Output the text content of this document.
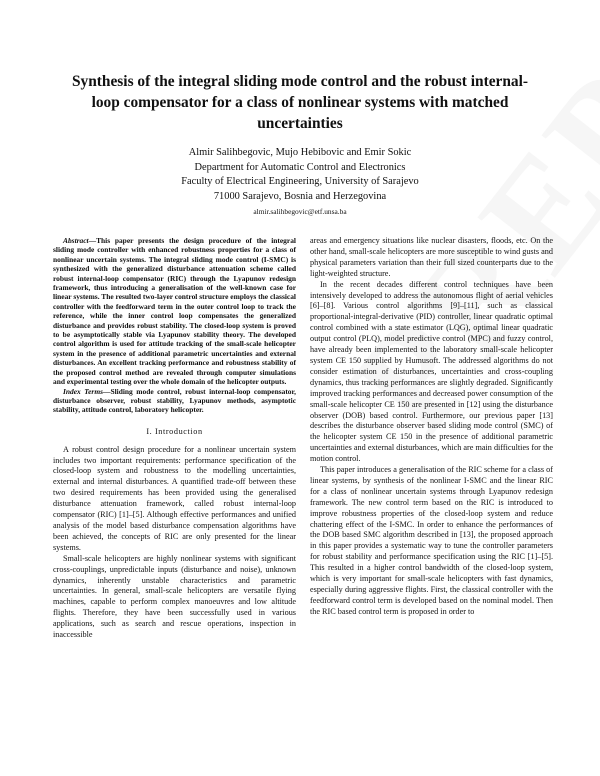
Synthesis of the integral sliding mode control and the robust internal-loop compensator for a class of nonlinear systems with matched uncertainties
Almir Salihbegovic, Mujo Hebibovic and Emir Sokic
Department for Automatic Control and Electronics
Faculty of Electrical Engineering, University of Sarajevo
71000 Sarajevo, Bosnia and Herzegovina
almir.salihbegovic@etf.unsa.ba

Abstract—This paper presents the design procedure of the integral sliding mode controller with enhanced robustness properties for a class of nonlinear uncertain systems. The integral sliding mode control (I-SMC) is synthesized with the generalized disturbance attenuation scheme called robust internal-loop compensator (RIC) through the Lyapunov redesign framework, thus introducing a generalisation of the well-known case for linear systems. The resulted two-layer control structure employs the classical controller with the feedforward term in the outer control loop to track the reference, while the inner control loop compensates the generalized disturbance and provides robust stability. The closed-loop system is proved to be asymptotically stable via Lyapunov stability theory. The developed control algorithm is used for attitude tracking of the small-scale helicopter system in the presence of additional parametric uncertainties and external disturbances. An excellent tracking performance and robustness stability of the proposed control method are revealed through computer simulations and experimental testing over the whole domain of the helicopter outputs.

Index Terms—Sliding mode control, robust internal-loop compensator, disturbance observer, robust stability, Lyapunov methods, asymptotic stability, attitude control, laboratory helicopter.

I. Introduction

A robust control design procedure for a nonlinear uncertain system includes two important requirements: performance specification of the closed-loop system and robustness to the modelling uncertainties, external and internal disturbances. A quantified trade-off between these two desired requirements has been provided using the generalised disturbance attenuation framework, called robust internal-loop compensator (RIC) [1]–[5]. Although effective performances and unified analysis of the model based disturbance compensation algorithms have been achieved, the concepts of RIC are only presented for the linear systems.

Small-scale helicopters are highly nonlinear systems with significant cross-couplings, unpredictable inputs (disturbance and noise), unknown dynamics, inherently unstable characteristics and parametric uncertainties. In general, small-scale helicopters are versatile flying machines, capable to perform complex manoeuvres and low altitude flights. Therefore, they have been successfully used in various applications, such as search and rescue operations, inspection in inaccessible

areas and emergency situations like nuclear disasters, floods, etc. On the other hand, small-scale helicopters are more susceptible to wind gusts and physical parameters variation than their full sized counterparts due to the light-weighted structure.

In the recent decades different control techniques have been intensively developed to address the autonomous flight of aerial vehicles [6]–[8]. Various control algorithms [9]–[11], such as classical proportional-integral-derivative (PID) controller, linear quadratic optimal control combined with a state estimator (LQG), optimal linear quadratic output control (PLQ), model predictive control (MPC) and fuzzy control, have already been implemented to the laboratory small-scale helicopter system CE 150 supplied by Humusoft. The addressed algorithms do not consider estimation of disturbances, uncertainties and cross-coupling dynamics, thus tracking performances are slightly degraded. Significantly improved tracking performances and decreased power consumption of the small-scale helicopter CE 150 are presented in [12] using the disturbance observer (DOB) based control. Furthermore, our previous paper [13] describes the disturbance observer based sliding mode control (SMC) of the helicopter system CE 150 in the presence of additional parametric uncertainties and external disturbances, which are main difficulties for the motion control.

This paper introduces a generalisation of the RIC scheme for a class of linear systems, by synthesis of the nonlinear I-SMC and the linear RIC for a class of nonlinear uncertain systems through Lyapunov redesign framework. The new control term based on the RIC is introduced to improve robustness properties of the closed-loop system and reduce chattering effect of the I-SMC. In order to enhance the performances of the DOB based SMC algorithm described in [13], the proposed approach in this paper provides a systematic way to tune the controller parameters for robust stability and performance specification using the RIC [1]–[5]. This resulted in a higher control bandwidth of the closed-loop system, which is very important for small-scale helicopters with fast dynamics, especially during aggressive flights. First, the classical controller with the feedforward control term is developed based on the nominal model. Then the RIC based control term is proposed in order to
